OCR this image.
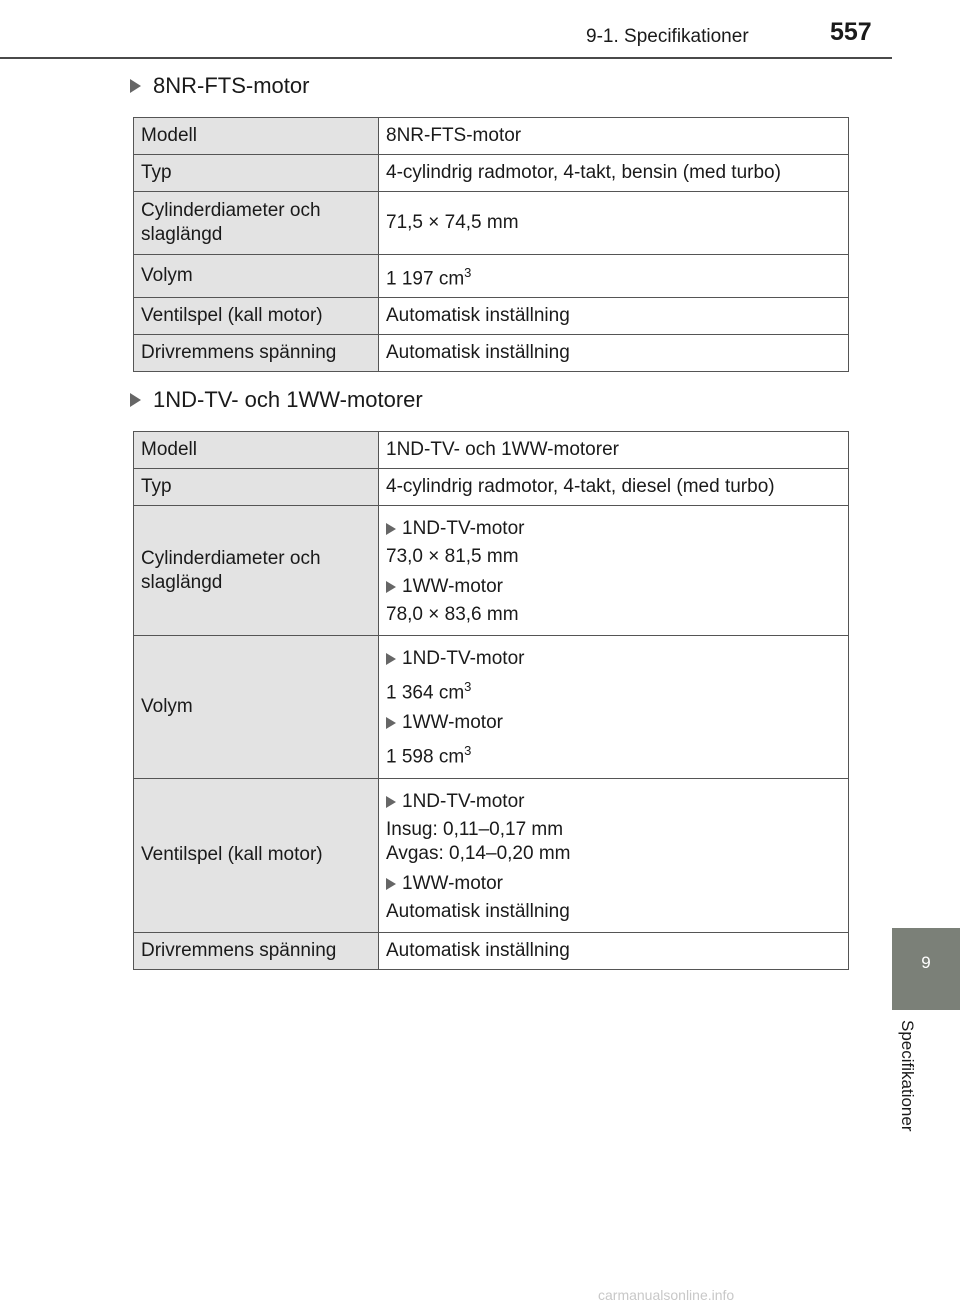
9-1. Specifikationer	557
8NR-FTS-motor
Modell	8NR-FTS-motor
Typ	4-cylindrig radmotor, 4-takt, bensin (med turbo)
Cylinderdiameter och slaglängd	71,5 × 74,5 mm
Volym	1 197 $cm^3$
Ventilspel (kall motor)	Automatisk inställning
Drivremmens spänning	Automatisk inställning
1ND-TV- och 1WW-motorer
Modell	1ND-TV- och 1WW-motorer
Typ	4-cylindrig radmotor, 4-takt, diesel (med turbo)
Cylinderdiameter och slaglängd	1ND-TV-motor
73,0 × 81,5 mm
1WW-motor
78,0 × 83,6 mm

Volym	1ND-TV-motor
1 364 $cm^3$
1WW-motor
1 598 $cm^3$

Ventilspel (kall motor)	1ND-TV-motor
Insug: 0,11–0,17 mm
Avgas: 0,14–0,20 mm
1WW-motor
Automatisk inställning

Drivremmens spänning	Automatisk inställning
9
Specifikationer
carmanualsonline.info
